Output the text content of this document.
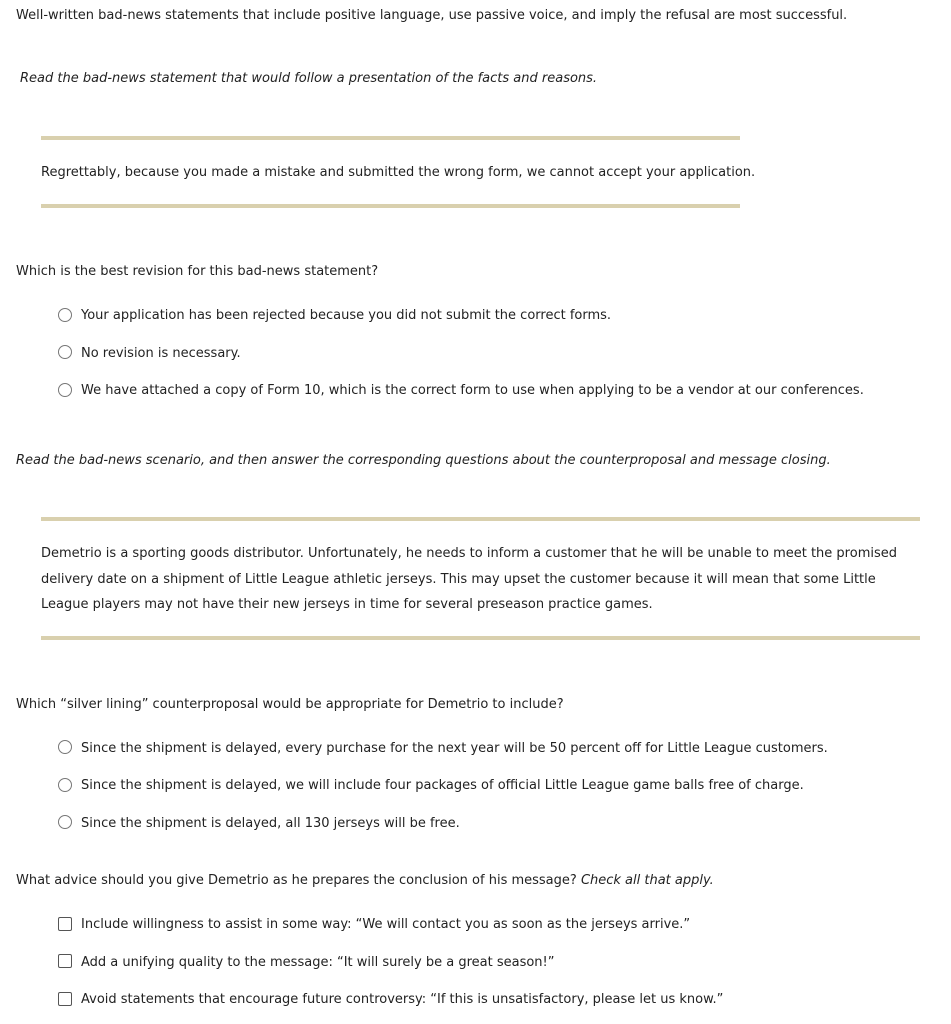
Well-written bad-news statements that include positive language, use passive voice, and imply the refusal are most successful.
Read the bad-news statement that would follow a presentation of the facts and reasons.
Regrettably, because you made a mistake and submitted the wrong form, we cannot accept your application.
Which is the best revision for this bad-news statement?
Your application has been rejected because you did not submit the correct forms.
No revision is necessary.
We have attached a copy of Form 10, which is the correct form to use when applying to be a vendor at our conferences.
Read the bad-news scenario, and then answer the corresponding questions about the counterproposal and message closing.
Demetrio is a sporting goods distributor. Unfortunately, he needs to inform a customer that he will be unable to meet the promised delivery date on a shipment of Little League athletic jerseys. This may upset the customer because it will mean that some Little League players may not have their new jerseys in time for several preseason practice games.
Which “silver lining” counterproposal would be appropriate for Demetrio to include?
Since the shipment is delayed, every purchase for the next year will be 50 percent off for Little League customers.
Since the shipment is delayed, we will include four packages of official Little League game balls free of charge.
Since the shipment is delayed, all 130 jerseys will be free.
What advice should you give Demetrio as he prepares the conclusion of his message? Check all that apply.
Include willingness to assist in some way: “We will contact you as soon as the jerseys arrive.”
Add a unifying quality to the message: “It will surely be a great season!”
Avoid statements that encourage future controversy: “If this is unsatisfactory, please let us know.”
